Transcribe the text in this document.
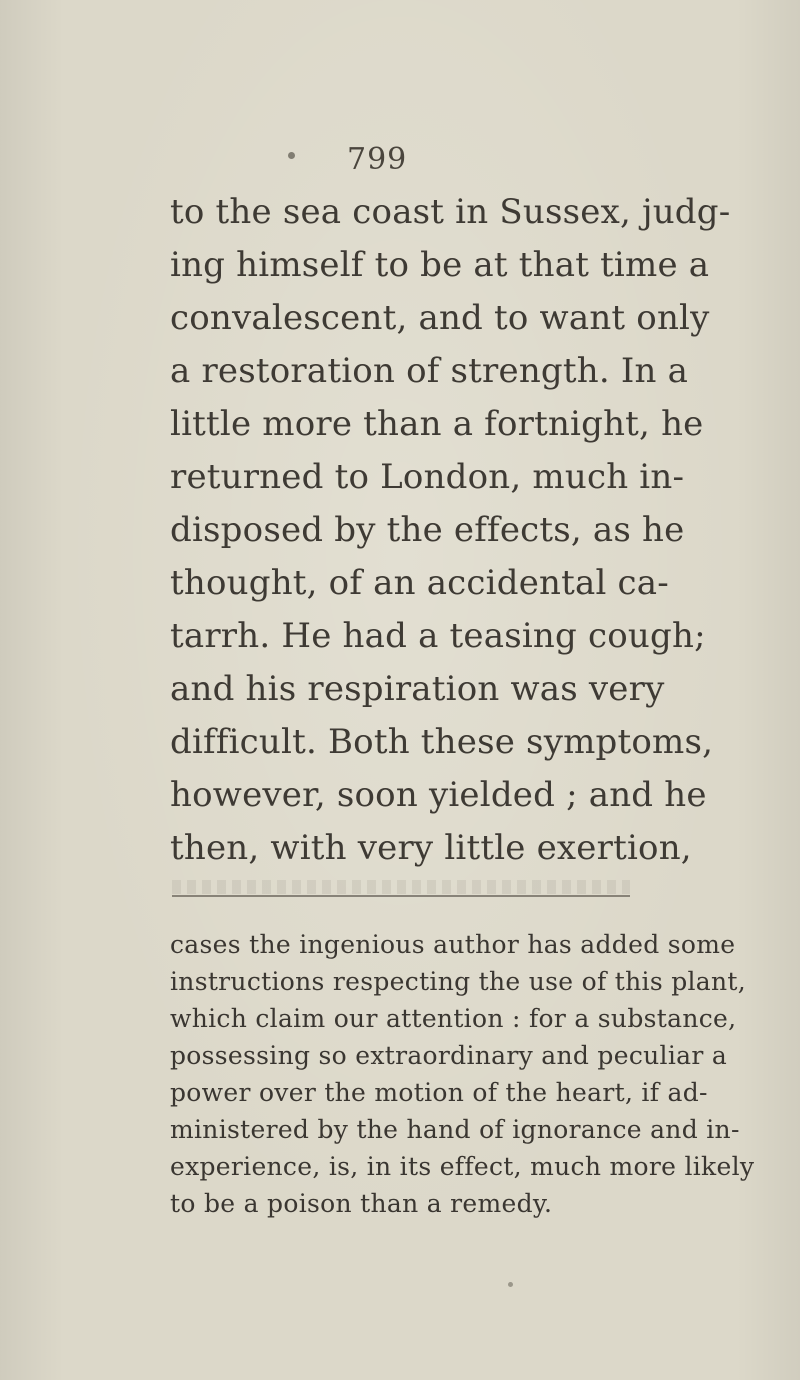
799
to the sea coast in Sussex, judg-
ing himself to be at that time a
convalescent, and to want only
a restoration of strength. In a
little more than a fortnight, he
returned to London, much in-
disposed by the effects, as he
thought, of an accidental ca-
tarrh. He had a teasing cough;
and his respiration was very
difficult. Both these symptoms,
however, soon yielded ; and he
then, with very little exertion,
cases the ingenious author has added some
instructions respecting the use of this plant,
which claim our attention : for a substance,
possessing so extraordinary and peculiar a
power over the motion of the heart, if ad-
ministered by the hand of ignorance and in-
experience, is, in its effect, much more likely
to be a poison than a remedy.
